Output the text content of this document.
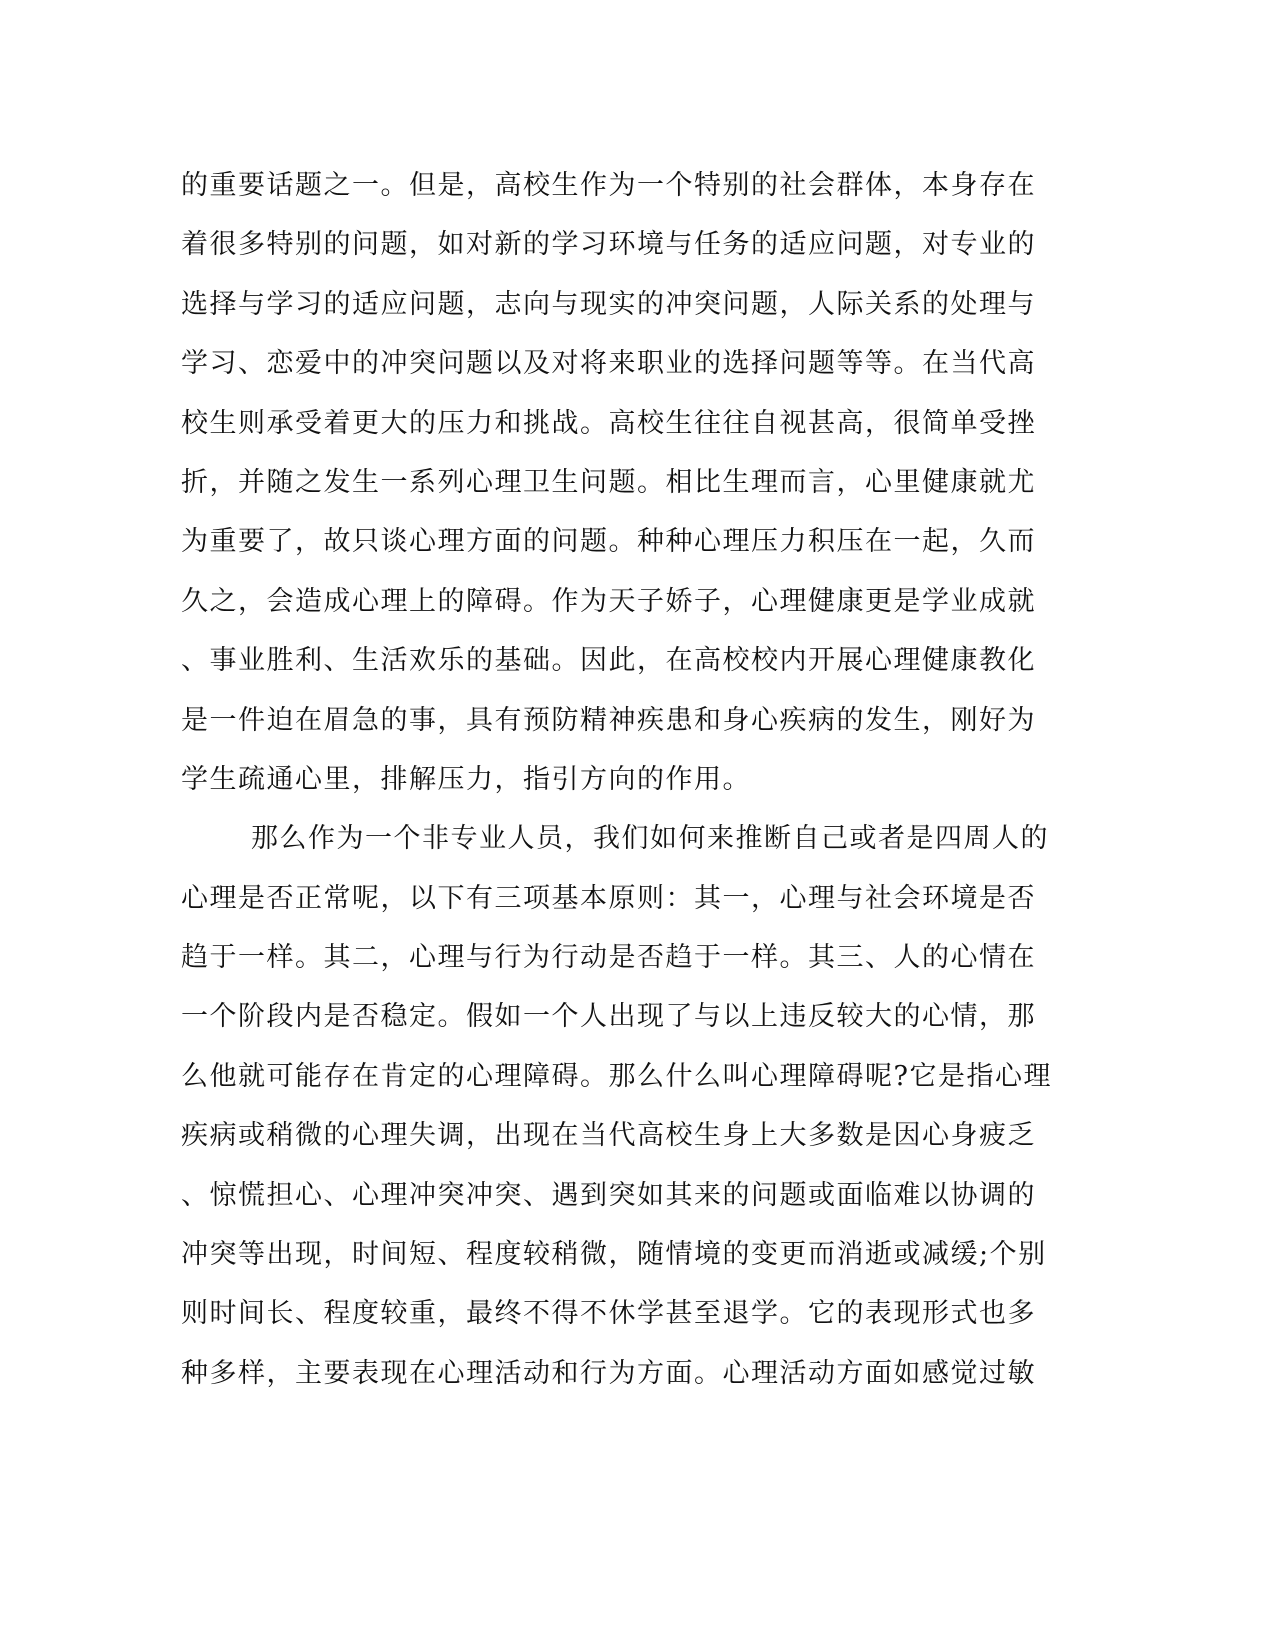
的重要话题之一。但是，高校生作为一个特别的社会群体，本身存在
着很多特别的问题，如对新的学习环境与任务的适应问题，对专业的
选择与学习的适应问题，志向与现实的冲突问题，人际关系的处理与
学习、恋爱中的冲突问题以及对将来职业的选择问题等等。在当代高
校生则承受着更大的压力和挑战。高校生往往自视甚高，很简单受挫
折，并随之发生一系列心理卫生问题。相比生理而言，心里健康就尤
为重要了，故只谈心理方面的问题。种种心理压力积压在一起，久而
久之，会造成心理上的障碍。作为天子娇子，心理健康更是学业成就
、事业胜利、生活欢乐的基础。因此，在高校校内开展心理健康教化
是一件迫在眉急的事，具有预防精神疾患和身心疾病的发生，刚好为
学生疏通心里，排解压力，指引方向的作用。
那么作为一个非专业人员，我们如何来推断自己或者是四周人的
心理是否正常呢，以下有三项基本原则：其一，心理与社会环境是否
趋于一样。其二，心理与行为行动是否趋于一样。其三、人的心情在
一个阶段内是否稳定。假如一个人出现了与以上违反较大的心情，那
么他就可能存在肯定的心理障碍。那么什么叫心理障碍呢?它是指心理
疾病或稍微的心理失调，出现在当代高校生身上大多数是因心身疲乏
、惊慌担心、心理冲突冲突、遇到突如其来的问题或面临难以协调的
冲突等出现，时间短、程度较稍微，随情境的变更而消逝或减缓;个别
则时间长、程度较重，最终不得不休学甚至退学。它的表现形式也多
种多样，主要表现在心理活动和行为方面。心理活动方面如感觉过敏
